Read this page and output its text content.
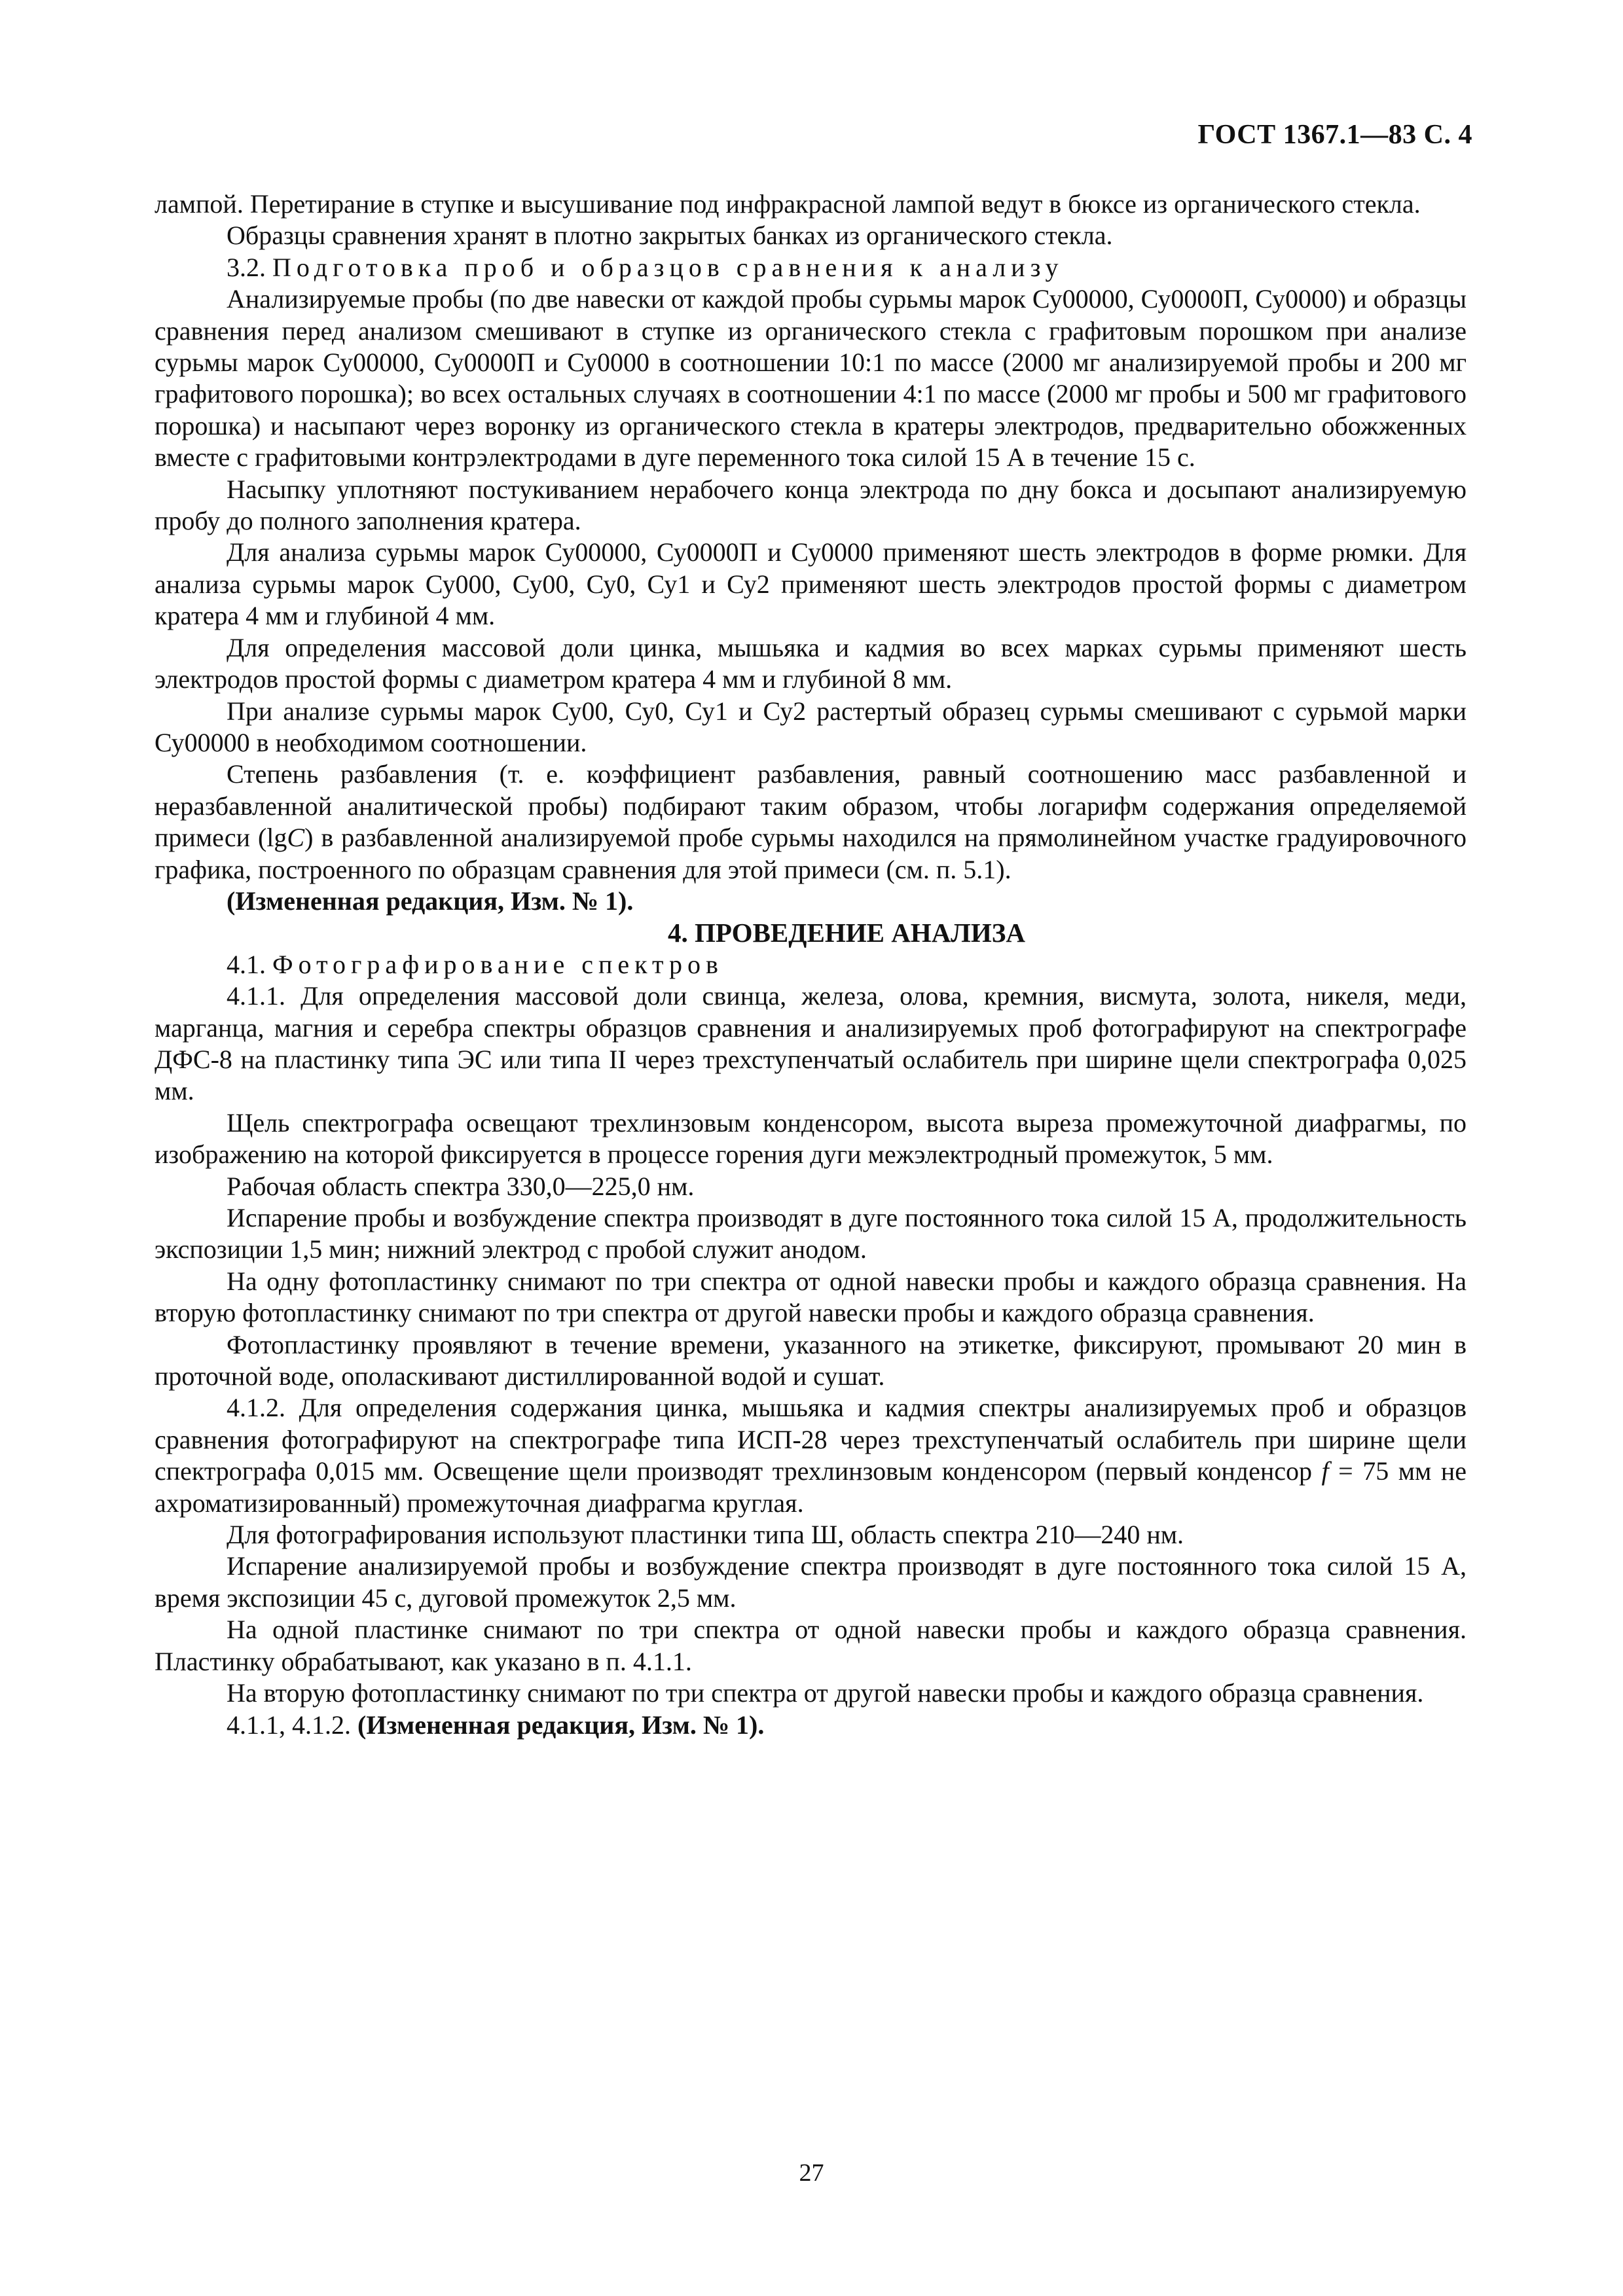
ГОСТ 1367.1—83 С. 4

лампой. Перетирание в ступке и высушивание под инфракрасной лампой ведут в бюксе из органического стекла.

Образцы сравнения хранят в плотно закрытых банках из органического стекла.

3.2. Подготовка проб и образцов сравнения к анализу

Анализируемые пробы (по две навески от каждой пробы сурьмы марок Су00000, Су0000П, Су0000) и образцы сравнения перед анализом смешивают в ступке из органического стекла с графитовым порошком при анализе сурьмы марок Су00000, Су0000П и Су0000 в соотношении 10:1 по массе (2000 мг анализируемой пробы и 200 мг графитового порошка); во всех остальных случаях в соотношении 4:1 по массе (2000 мг пробы и 500 мг графитового порошка) и насыпают через воронку из органического стекла в кратеры электродов, предварительно обожженных вместе с графитовыми контрэлектродами в дуге переменного тока силой 15 А в течение 15 с.

Насыпку уплотняют постукиванием нерабочего конца электрода по дну бокса и досыпают анализируемую пробу до полного заполнения кратера.

Для анализа сурьмы марок Су00000, Су0000П и Су0000 применяют шесть электродов в форме рюмки. Для анализа сурьмы марок Су000, Су00, Су0, Су1 и Су2 применяют шесть электродов простой формы с диаметром кратера 4 мм и глубиной 4 мм.

Для определения массовой доли цинка, мышьяка и кадмия во всех марках сурьмы применяют шесть электродов простой формы с диаметром кратера 4 мм и глубиной 8 мм.

При анализе сурьмы марок Су00, Су0, Су1 и Су2 растертый образец сурьмы смешивают с сурьмой марки Су00000 в необходимом соотношении.

Степень разбавления (т. е. коэффициент разбавления, равный соотношению масс разбавленной и неразбавленной аналитической пробы) подбирают таким образом, чтобы логарифм содержания определяемой примеси (lgC) в разбавленной анализируемой пробе сурьмы находился на прямолинейном участке градуировочного графика, построенного по образцам сравнения для этой примеси (см. п. 5.1).

(Измененная редакция, Изм. № 1).

4. ПРОВЕДЕНИЕ АНАЛИЗА

4.1. Фотографирование спектров

4.1.1. Для определения массовой доли свинца, железа, олова, кремния, висмута, золота, никеля, меди, марганца, магния и серебра спектры образцов сравнения и анализируемых проб фотографируют на спектрографе ДФС-8 на пластинку типа ЭС или типа II через трехступенчатый ослабитель при ширине щели спектрографа 0,025 мм.

Щель спектрографа освещают трехлинзовым конденсором, высота выреза промежуточной диафрагмы, по изображению на которой фиксируется в процессе горения дуги межэлектродный промежуток, 5 мм.

Рабочая область спектра 330,0—225,0 нм.

Испарение пробы и возбуждение спектра производят в дуге постоянного тока силой 15 А, продолжительность экспозиции 1,5 мин; нижний электрод с пробой служит анодом.

На одну фотопластинку снимают по три спектра от одной навески пробы и каждого образца сравнения. На вторую фотопластинку снимают по три спектра от другой навески пробы и каждого образца сравнения.

Фотопластинку проявляют в течение времени, указанного на этикетке, фиксируют, промывают 20 мин в проточной воде, ополаскивают дистиллированной водой и сушат.

4.1.2. Для определения содержания цинка, мышьяка и кадмия спектры анализируемых проб и образцов сравнения фотографируют на спектрографе типа ИСП-28 через трехступенчатый ослабитель при ширине щели спектрографа 0,015 мм. Освещение щели производят трехлинзовым конденсором (первый конденсор f = 75 мм не ахроматизированный) промежуточная диафрагма круглая.

Для фотографирования используют пластинки типа Ш, область спектра 210—240 нм.

Испарение анализируемой пробы и возбуждение спектра производят в дуге постоянного тока силой 15 А, время экспозиции 45 с, дуговой промежуток 2,5 мм.

На одной пластинке снимают по три спектра от одной навески пробы и каждого образца сравнения. Пластинку обрабатывают, как указано в п. 4.1.1.

На вторую фотопластинку снимают по три спектра от другой навески пробы и каждого образца сравнения.

4.1.1, 4.1.2. (Измененная редакция, Изм. № 1).

27
